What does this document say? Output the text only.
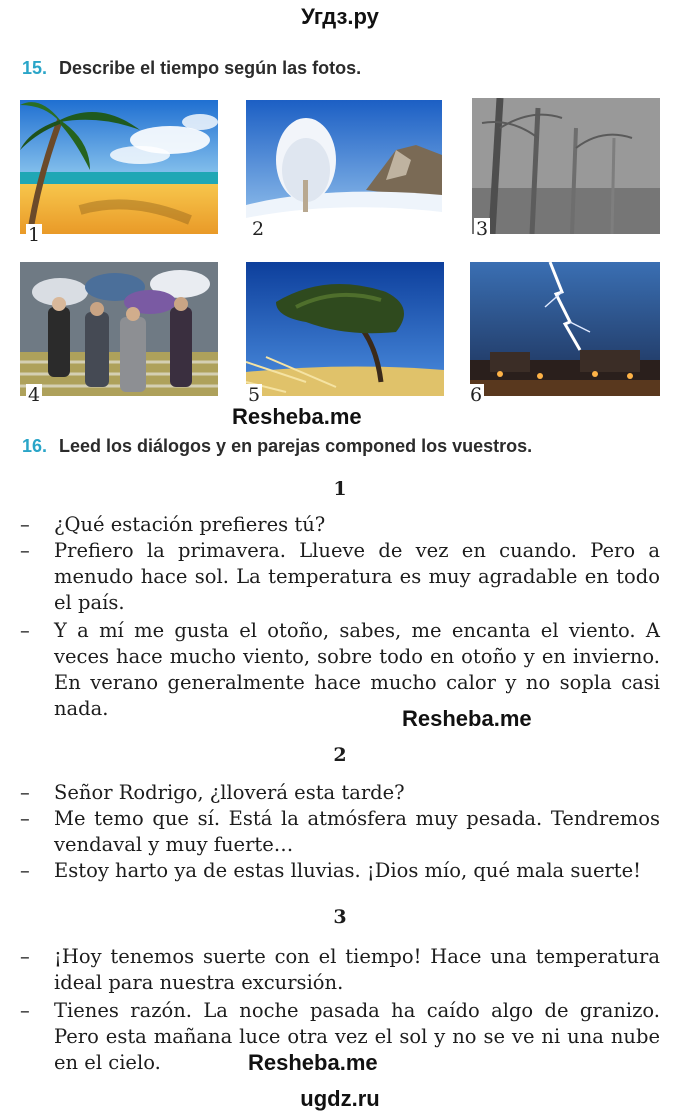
Угдз.ру
15. Describe el tiempo según las fotos.
1	2	3
4	5	6
Resheba.me
16. Leed los diálogos y en parejas componed los vuestros.
1
– ¿Qué estación prefieres tú?
– Prefiero la primavera. Llueve de vez en cuando. Pero a
menudo hace sol. La temperatura es muy agradable en todo
el país.
– Y a mí me gusta el otoño, sabes, me encanta el viento. A
veces hace mucho viento, sobre todo en otoño y en invierno.
En verano generalmente hace mucho calor y no sopla casi
nada.	Resheba.me
2
– Señor Rodrigo, ¿lloverá esta tarde?
– Me temo que sí. Está la atmósfera muy pesada. Tendremos
vendaval y muy fuerte…
– Estoy harto ya de estas lluvias. ¡Dios mío, qué mala suerte!
3
– ¡Hoy tenemos suerte con el tiempo! Hace una temperatura
ideal para nuestra excursión.
– Tienes razón. La noche pasada ha caído algo de granizo.
Pero esta mañana luce otra vez el sol y no se ve ni una nube
en el cielo.	Resheba.me
ugdz.ru
